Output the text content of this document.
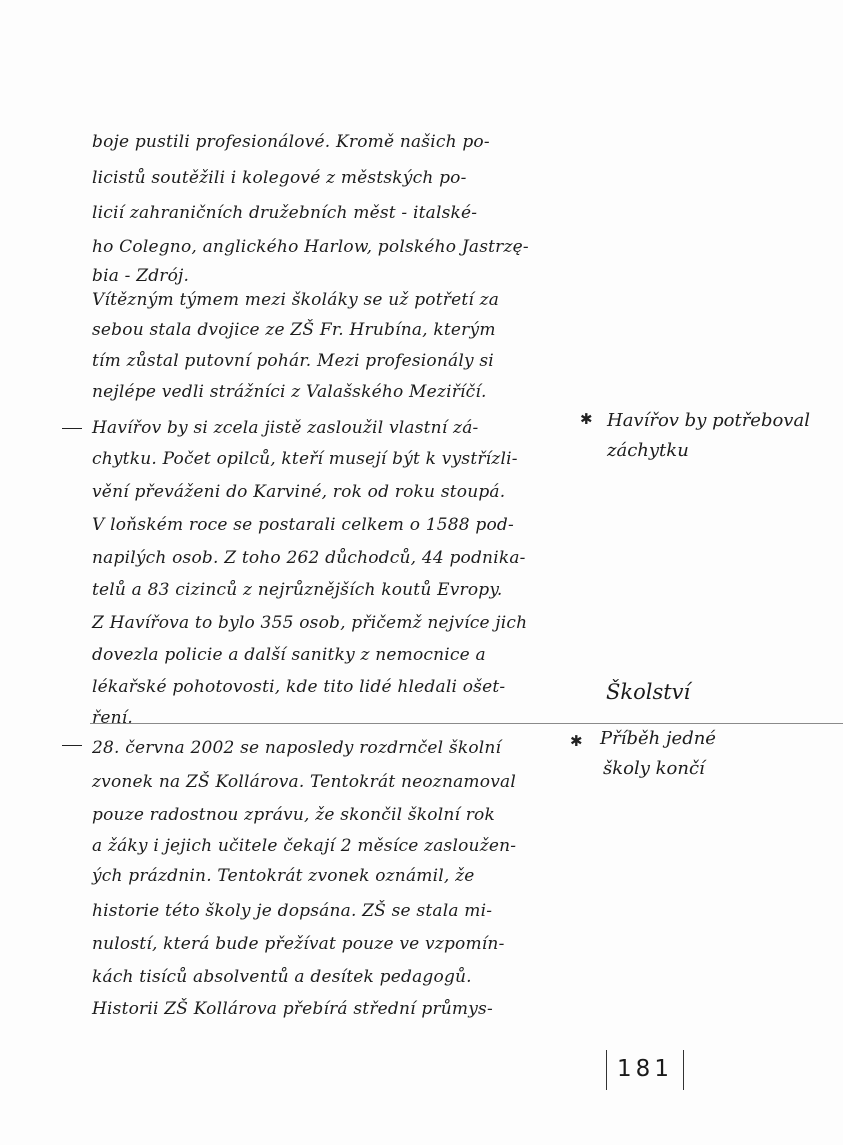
boje pustili profesionálové. Kromě našich po-
licistů soutěžili i kolegové z městských po-
licií zahraničních družebních měst - italské-
ho Colegno, anglického Harlow, polského Jastrzę-
bia - Zdrój.
Vítězným týmem mezi školáky se už potřetí za
sebou stala dvojice ze ZŠ Fr. Hrubína, kterým
tím zůstal putovní pohár. Mezi profesionály si
nejlépe vedli strážníci z Valašského Meziříčí.
Havířov by si zcela jistě zasloužil vlastní zá-
chytku. Počet opilců, kteří musejí být k vystřízli-
vění převáženi do Karviné, rok od roku stoupá.
V loňském roce se postarali celkem o 1588 pod-
napilých osob. Z toho 262 důchodců, 44 podnika-
telů a 83 cizinců z nejrůznějších koutů Evropy.
Z Havířova to bylo 355 osob, přičemž nejvíce jich
dovezla policie a další sanitky z nemocnice a
lékařské pohotovosti, kde tito lidé hledali ošet-
ření.
28. června 2002 se naposledy rozdrnčel školní
zvonek na ZŠ Kollárova. Tentokrát neoznamoval
pouze radostnou zprávu, že skončil školní rok
a žáky i jejich učitele čekají 2 měsíce zasloužen-
ých prázdnin. Tentokrát zvonek oznámil, že
historie této školy je dopsána. ZŠ se stala mi-
nulostí, která bude přežívat pouze ve vzpomín-
kách tisíců absolventů a desítek pedagogů.
Historii ZŠ Kollárova přebírá střední průmys-
✱ Havířov by potřeboval
záchytku
Školství
✱ Příběh jedné
školy končí
181
